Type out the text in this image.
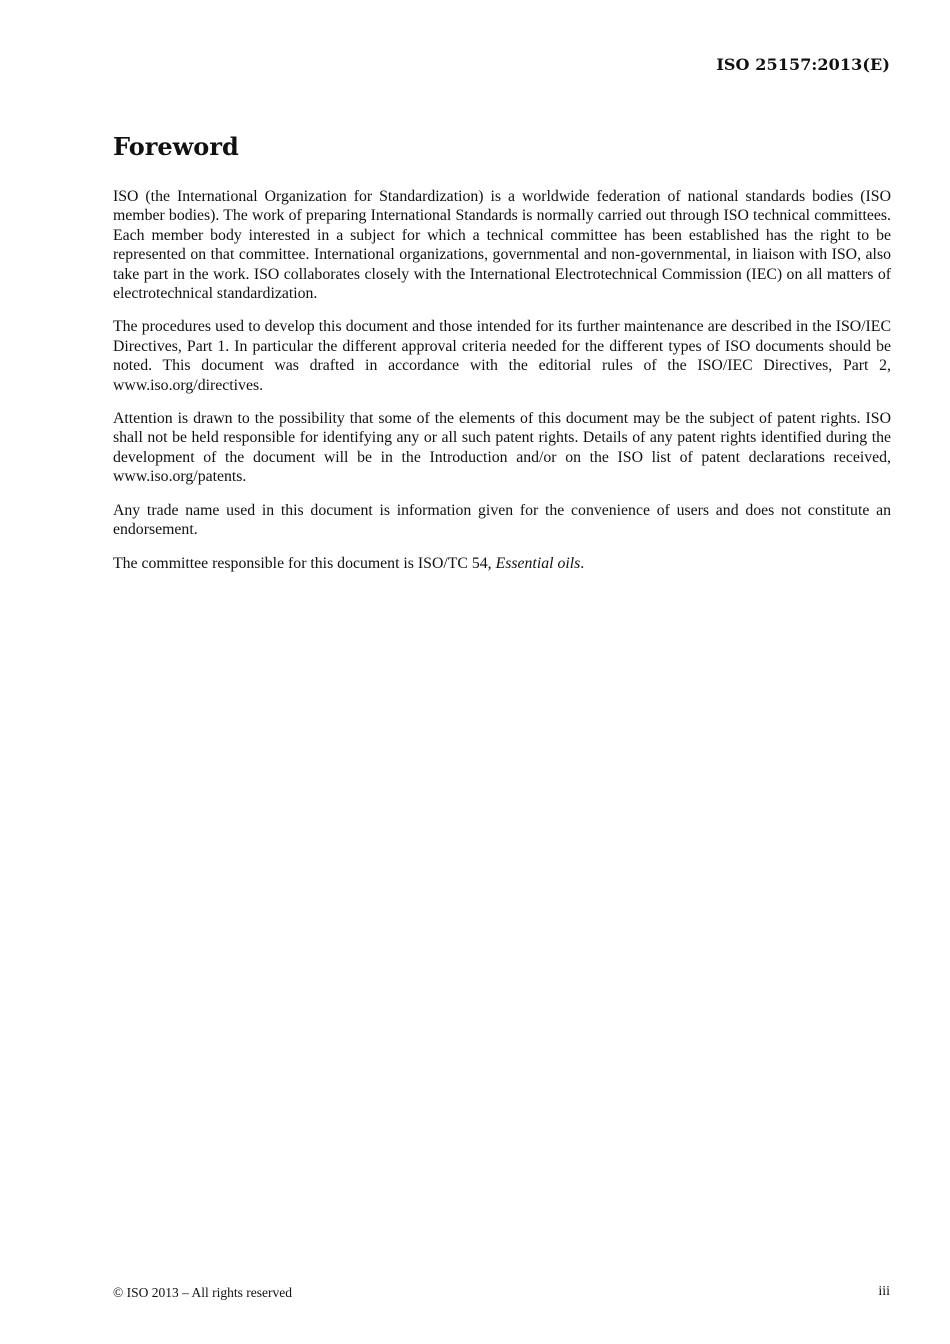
ISO 25157:2013(E)
Foreword

ISO (the International Organization for Standardization) is a worldwide federation of national standards bodies (ISO member bodies). The work of preparing International Standards is normally carried out through ISO technical committees. Each member body interested in a subject for which a technical committee has been established has the right to be represented on that committee. International organizations, governmental and non-governmental, in liaison with ISO, also take part in the work. ISO collaborates closely with the International Electrotechnical Commission (IEC) on all matters of electrotechnical standardization.

The procedures used to develop this document and those intended for its further maintenance are described in the ISO/IEC Directives, Part 1. In particular the different approval criteria needed for the different types of ISO documents should be noted. This document was drafted in accordance with the editorial rules of the ISO/IEC Directives, Part 2, www.iso.org/directives.

Attention is drawn to the possibility that some of the elements of this document may be the subject of patent rights. ISO shall not be held responsible for identifying any or all such patent rights. Details of any patent rights identified during the development of the document will be in the Introduction and/or on the ISO list of patent declarations received, www.iso.org/patents.

Any trade name used in this document is information given for the convenience of users and does not constitute an endorsement.

The committee responsible for this document is ISO/TC 54, Essential oils.

© ISO 2013 – All rights reserved	iii
